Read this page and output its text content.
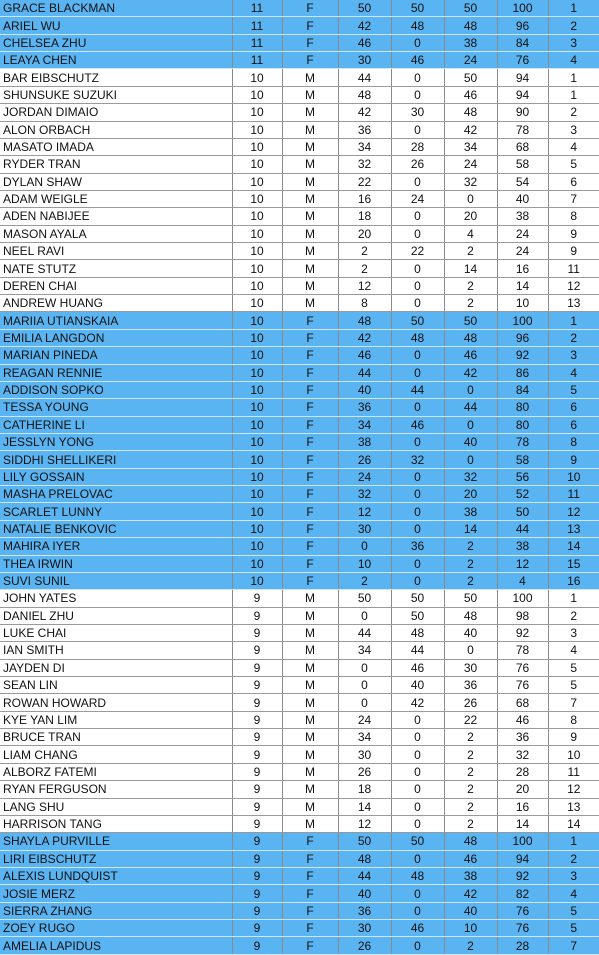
GRACE BLACKMAN	11	F	50	50	50	100	1
ARIEL WU	11	F	42	48	48	96	2
CHELSEA ZHU	11	F	46	0	38	84	3
LEAYA CHEN	11	F	30	46	24	76	4
BAR EIBSCHUTZ	10	M	44	0	50	94	1
SHUNSUKE SUZUKI	10	M	48	0	46	94	1
JORDAN DIMAIO	10	M	42	30	48	90	2
ALON ORBACH	10	M	36	0	42	78	3
MASATO IMADA	10	M	34	28	34	68	4
RYDER TRAN	10	M	32	26	24	58	5
DYLAN SHAW	10	M	22	0	32	54	6
ADAM WEIGLE	10	M	16	24	0	40	7
ADEN NABIJEE	10	M	18	0	20	38	8
MASON AYALA	10	M	20	0	4	24	9
NEEL RAVI	10	M	2	22	2	24	9
NATE STUTZ	10	M	2	0	14	16	11
DEREN CHAI	10	M	12	0	2	14	12
ANDREW HUANG	10	M	8	0	2	10	13
MARIIA UTIANSKAIA	10	F	48	50	50	100	1
EMILIA LANGDON	10	F	42	48	48	96	2
MARIAN PINEDA	10	F	46	0	46	92	3
REAGAN RENNIE	10	F	44	0	42	86	4
ADDISON SOPKO	10	F	40	44	0	84	5
TESSA YOUNG	10	F	36	0	44	80	6
CATHERINE LI	10	F	34	46	0	80	6
JESSLYN YONG	10	F	38	0	40	78	8
SIDDHI SHELLIKERI	10	F	26	32	0	58	9
LILY GOSSAIN	10	F	24	0	32	56	10
MASHA PRELOVAC	10	F	32	0	20	52	11
SCARLET LUNNY	10	F	12	0	38	50	12
NATALIE BENKOVIC	10	F	30	0	14	44	13
MAHIRA IYER	10	F	0	36	2	38	14
THEA IRWIN	10	F	10	0	2	12	15
SUVI SUNIL	10	F	2	0	2	4	16
JOHN YATES	9	M	50	50	50	100	1
DANIEL ZHU	9	M	0	50	48	98	2
LUKE CHAI	9	M	44	48	40	92	3
IAN SMITH	9	M	34	44	0	78	4
JAYDEN DI	9	M	0	46	30	76	5
SEAN LIN	9	M	0	40	36	76	5
ROWAN HOWARD	9	M	0	42	26	68	7
KYE YAN LIM	9	M	24	0	22	46	8
BRUCE TRAN	9	M	34	0	2	36	9
LIAM CHANG	9	M	30	0	2	32	10
ALBORZ FATEMI	9	M	26	0	2	28	11
RYAN FERGUSON	9	M	18	0	2	20	12
LANG SHU	9	M	14	0	2	16	13
HARRISON TANG	9	M	12	0	2	14	14
SHAYLA PURVILLE	9	F	50	50	48	100	1
LIRI EIBSCHUTZ	9	F	48	0	46	94	2
ALEXIS LUNDQUIST	9	F	44	48	38	92	3
JOSIE MERZ	9	F	40	0	42	82	4
SIERRA ZHANG	9	F	36	0	40	76	5
ZOEY RUGO	9	F	30	46	10	76	5
AMELIA LAPIDUS	9	F	26	0	2	28	7
